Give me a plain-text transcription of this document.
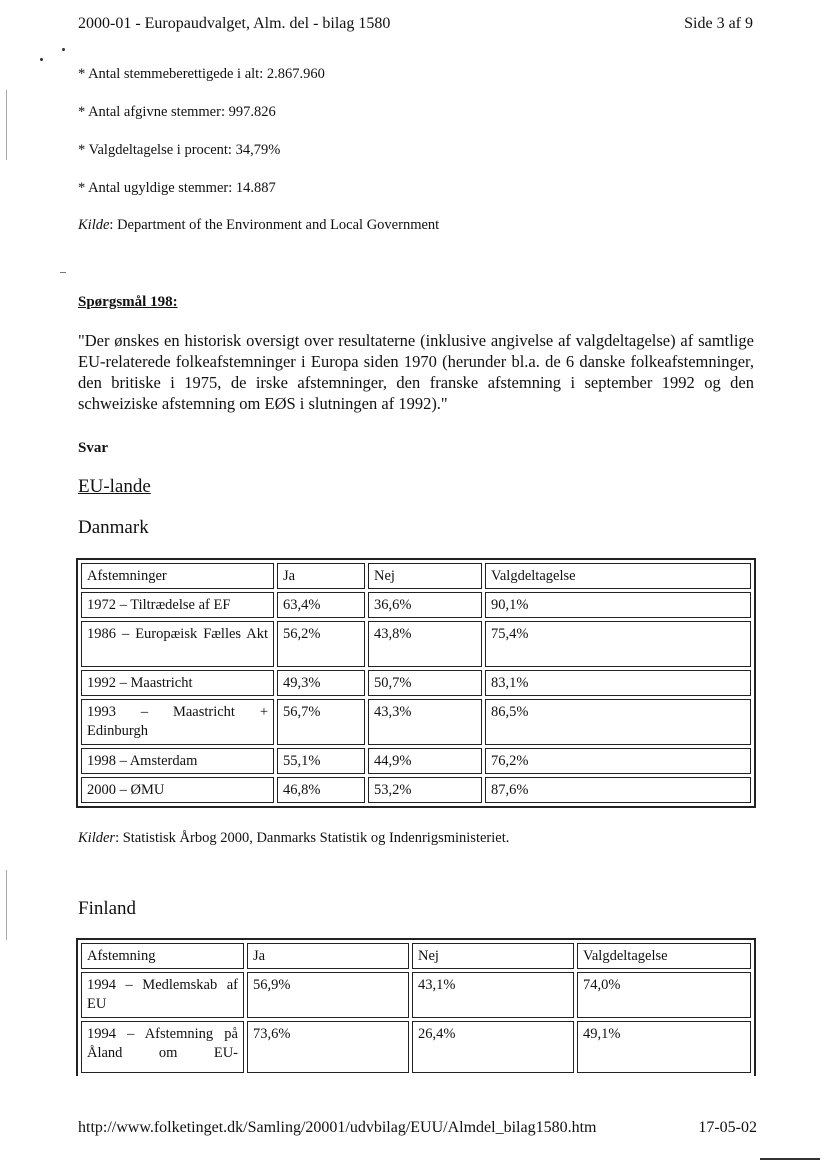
2000-01 - Europaudvalget, Alm. del - bilag 1580	Side 3 af 9
* Antal stemmeberettigede i alt: 2.867.960
* Antal afgivne stemmer: 997.826
* Valgdeltagelse i procent: 34,79%
* Antal ugyldige stemmer: 14.887
Kilde: Department of the Environment and Local Government
Spørgsmål 198:
"Der ønskes en historisk oversigt over resultaterne (inklusive angivelse af valgdeltagelse) af samtlige EU-relaterede folkeafstemninger i Europa siden 1970 (herunder bl.a. de 6 danske folkeafstemninger, den britiske i 1975, de irske afstemninger, den franske afstemning i september 1992 og den schweiziske afstemning om EØS i slutningen af 1992)."
Svar
EU-lande
Danmark
Afstemninger	Ja	Nej	Valgdeltagelse
1972 – Tiltrædelse af EF	63,4%	36,6%	90,1%
1986 – Europæisk Fælles Akt	56,2%	43,8%	75,4%
1992 – Maastricht	49,3%	50,7%	83,1%
1993 – Maastricht + Edinburgh	56,7%	43,3%	86,5%
1998 – Amsterdam	55,1%	44,9%	76,2%
2000 – ØMU	46,8%	53,2%	87,6%
Kilder: Statistisk Årbog 2000, Danmarks Statistik og Indenrigsministeriet.
Finland
Afstemning	Ja	Nej	Valgdeltagelse
1994 – Medlemskab af EU	56,9%	43,1%	74,0%
1994 – Afstemning på Åland om EU-	73,6%	26,4%	49,1%
http://www.folketinget.dk/Samling/20001/udvbilag/EUU/Almdel_bilag1580.htm	17-05-02
